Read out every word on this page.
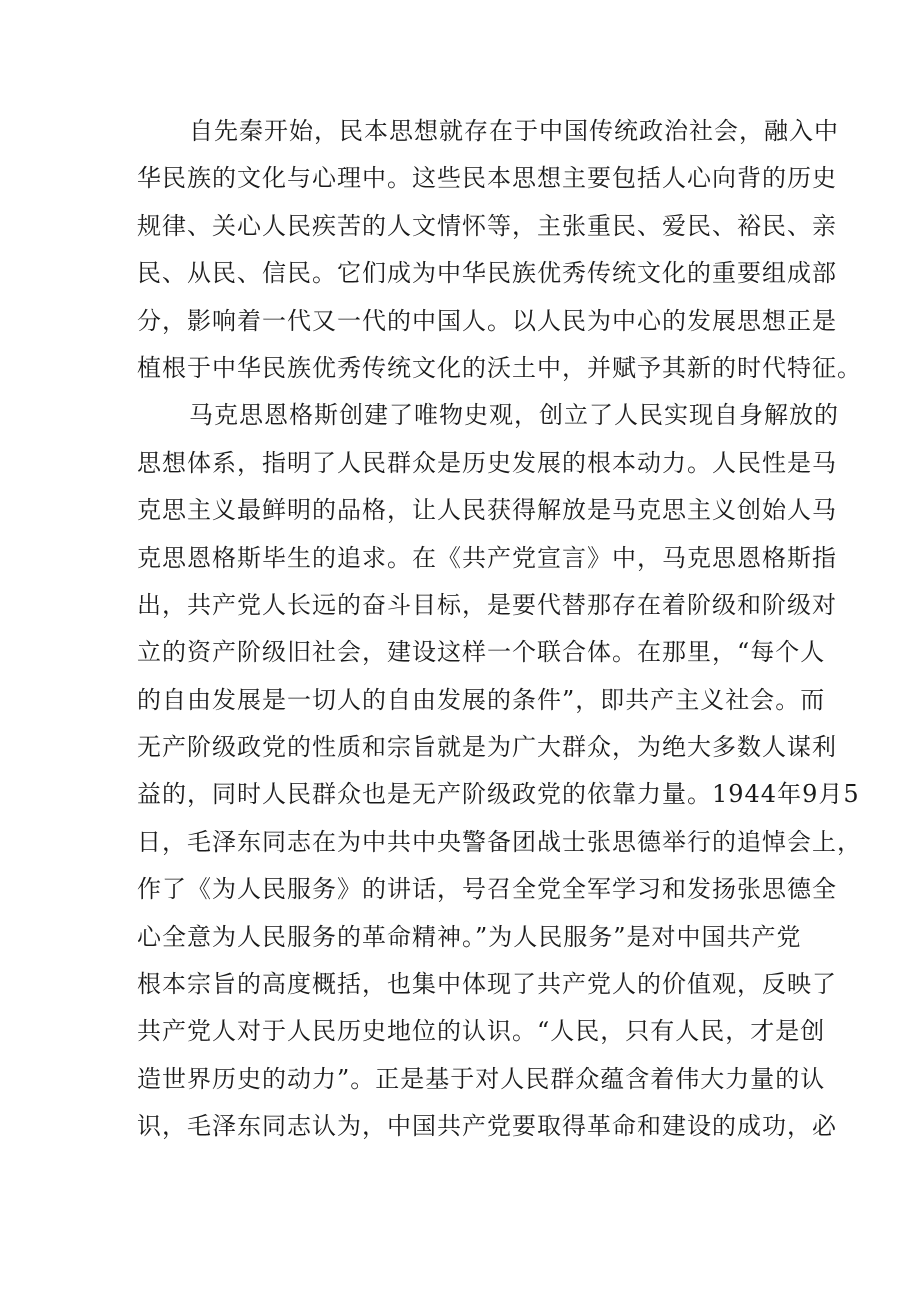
自先秦开始，民本思想就存在于中国传统政治社会，融入中
华民族的文化与心理中。这些民本思想主要包括人心向背的历史
规律、关心人民疾苦的人文情怀等，主张重民、爱民、裕民、亲
民、从民、信民。它们成为中华民族优秀传统文化的重要组成部
分，影响着一代又一代的中国人。以人民为中心的发展思想正是
植根于中华民族优秀传统文化的沃土中，并赋予其新的时代特征。
马克思恩格斯创建了唯物史观，创立了人民实现自身解放的
思想体系，指明了人民群众是历史发展的根本动力。人民性是马
克思主义最鲜明的品格，让人民获得解放是马克思主义创始人马
克思恩格斯毕生的追求。在《共产党宣言》中，马克思恩格斯指
出，共产党人长远的奋斗目标，是要代替那存在着阶级和阶级对
立的资产阶级旧社会，建设这样一个联合体。在那里，“每个人
的自由发展是一切人的自由发展的条件”，即共产主义社会。而
无产阶级政党的性质和宗旨就是为广大群众，为绝大多数人谋利
益的，同时人民群众也是无产阶级政党的依靠力量。1944年9月5
日，毛泽东同志在为中共中央警备团战士张思德举行的追悼会上，
作了《为人民服务》的讲话，号召全党全军学习和发扬张思德全
心全意为人民服务的革命精神。”为人民服务”是对中国共产党
根本宗旨的高度概括，也集中体现了共产党人的价值观，反映了
共产党人对于人民历史地位的认识。“人民，只有人民，才是创
造世界历史的动力”。正是基于对人民群众蕴含着伟大力量的认
识，毛泽东同志认为，中国共产党要取得革命和建设的成功，必
